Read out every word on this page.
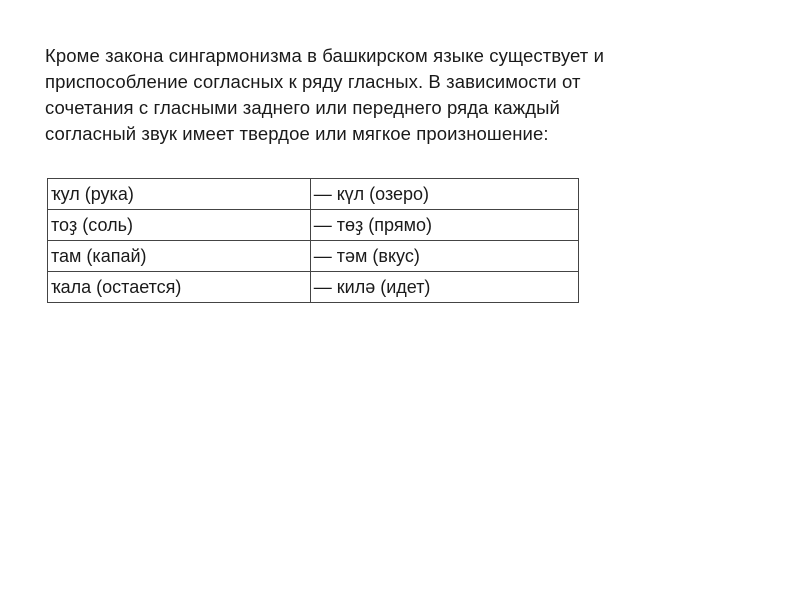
Кроме закона сингармонизма в башкирском языке существует и
приспособление согласных к ряду гласных. В зависимости от
сочетания с гласными заднего или переднего ряда каждый
согласный звук имеет твердое или мягкое произношение:

ҡул (рука)	— күл (озеро)
тоҙ (соль)	— төҙ (прямо)
там (капай)	— тәм (вкус)
ҡала (остается)	— килә (идет)
